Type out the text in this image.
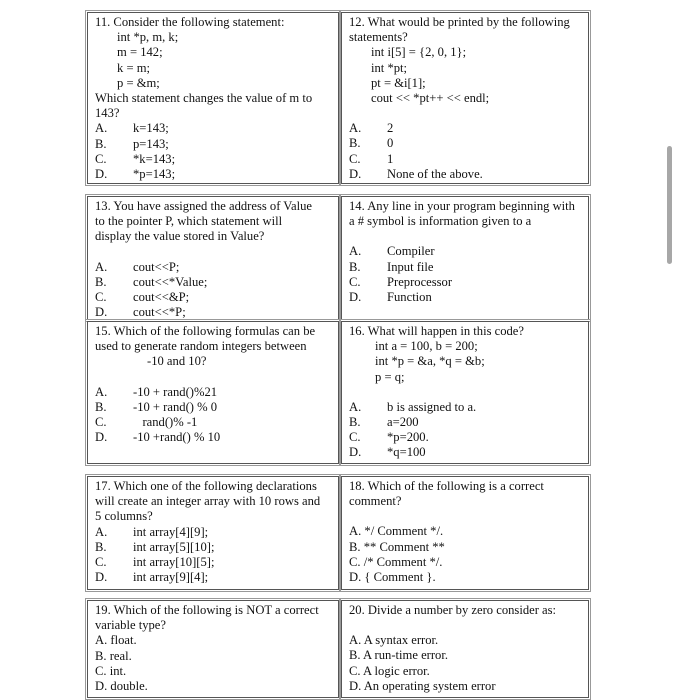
11. Consider the following statement:
int *p, m, k;
m = 142;
k = m;
p = &m;
Which statement changes the value of m to
143?
A. k=143;
B. p=143;
C. *k=143;
D. *p=143;
12. What would be printed by the following
statements?
int i[5] = {2, 0, 1};
int *pt;
pt = &i[1];
cout << *pt++ << endl;
A. 2
B. 0
C. 1
D. None of the above.
13. You have assigned the address of Value
to the pointer P, which statement will
display the value stored in Value?
A. cout<<P;
B. cout<<*Value;
C. cout<<&P;
D. cout<<*P;
14. Any line in your program beginning with
a # symbol is information given to a
A. Compiler
B. Input file
C. Preprocessor
D. Function
15. Which of the following formulas can be
used to generate random integers between
-10 and 10?
A. -10 + rand()%21
B. -10 + rand() % 0
C.   rand()% -1
D. -10 +rand() % 10
16. What will happen in this code?
int a = 100, b = 200;
int *p = &a, *q = &b;
p = q;
A. b is assigned to a.
B. a=200
C. *p=200.
D. *q=100
17. Which one of the following declarations
will create an integer array with 10 rows and
5 columns?
A. int array[4][9];
B. int array[5][10];
C. int array[10][5];
D. int array[9][4];
18. Which of the following is a correct
comment?
A. */ Comment */.
B. ** Comment **
C. /* Comment */.
D. { Comment }.
19. Which of the following is NOT a correct
variable type?
A. float.
B. real.
C. int.
D. double.
20. Divide a number by zero consider as:
A. A syntax error.
B. A run-time error.
C. A logic error.
D. An operating system error
